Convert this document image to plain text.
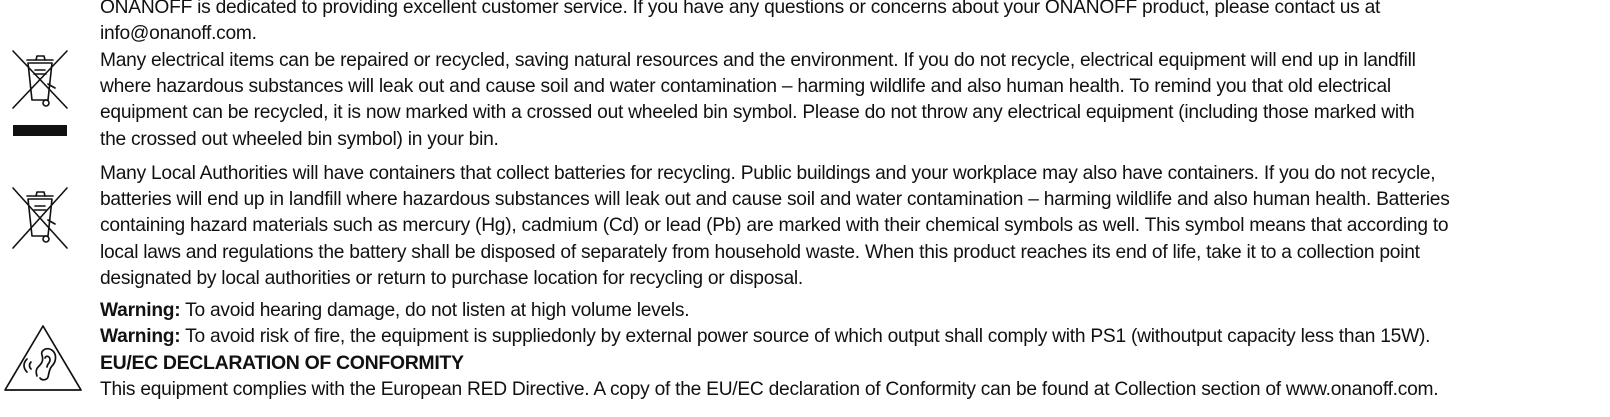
ONANOFF is dedicated to providing excellent customer service. If you have any questions or concerns about your ONANOFF product, please contact us at
info@onanoff.com.
Many electrical items can be repaired or recycled, saving natural resources and the environment. If you do not recycle, electrical equipment will end up in landfill
where hazardous substances will leak out and cause soil and water contamination – harming wildlife and also human health. To remind you that old electrical
equipment can be recycled, it is now marked with a crossed out wheeled bin symbol. Please do not throw any electrical equipment (including those marked with
the crossed out wheeled bin symbol) in your bin.
Many Local Authorities will have containers that collect batteries for recycling. Public buildings and your workplace may also have containers. If you do not recycle,
batteries will end up in landfill where hazardous substances will leak out and cause soil and water contamination – harming wildlife and also human health. Batteries
containing hazard materials such as mercury (Hg), cadmium (Cd) or lead (Pb) are marked with their chemical symbols as well. This symbol means that according to
local laws and regulations the battery shall be disposed of separately from household waste. When this product reaches its end of life, take it to a collection point
designated by local authorities or return to purchase location for recycling or disposal.
Warning: To avoid hearing damage, do not listen at high volume levels.
Warning: To avoid risk of fire, the equipment is suppliedonly by external power source of which output shall comply with PS1 (withoutput capacity less than 15W).
EU/EC DECLARATION OF CONFORMITY
This equipment complies with the European RED Directive. A copy of the EU/EC declaration of Conformity can be found at Collection section of www.onanoff.com.
